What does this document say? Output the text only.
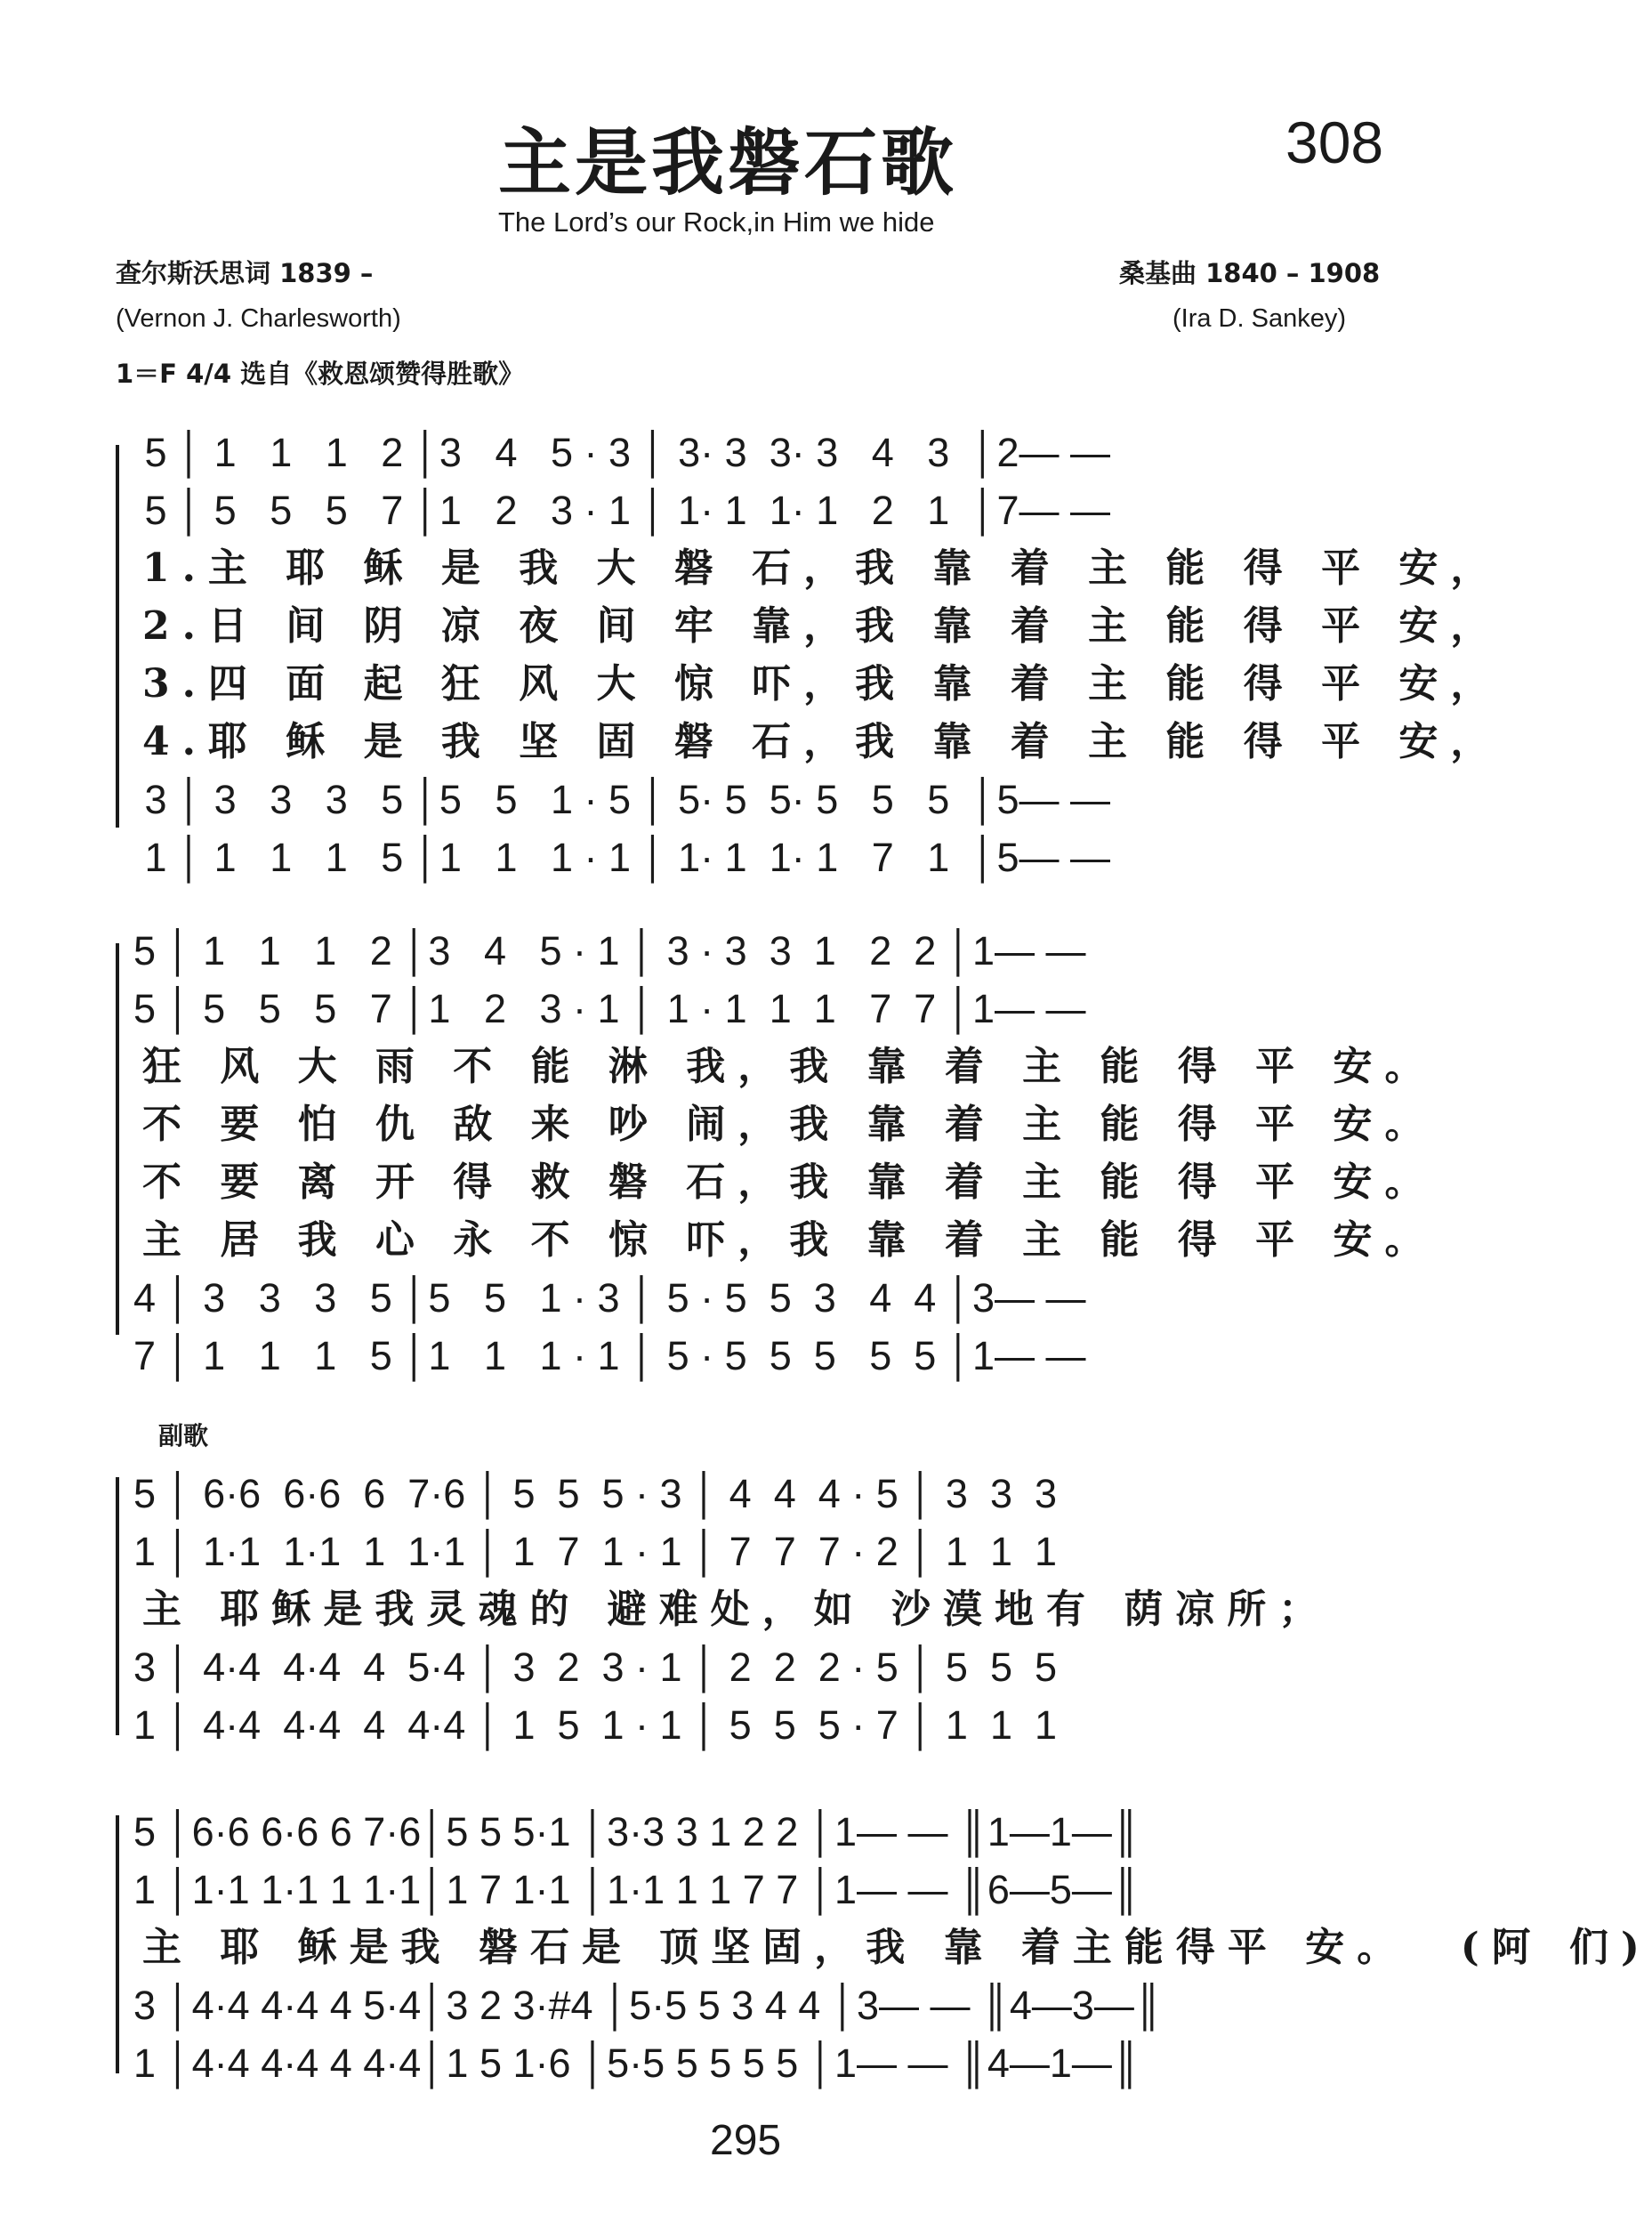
主是我磐石歌	308
The Lord’s our Rock,in Him we hide
查尔斯沃思词 1839 –
(Vernon J. Charlesworth)
桑基曲 1840 – 1908
(Ira D. Sankey)
1＝F 4/4 选自《救恩颂赞得胜歌》
5 │ 1   1   1   2 │3   4   5 · 3 │ 3· 3  3· 3   4   3  │2— —
5 │ 5   5   5   7 │1   2   3 · 1 │ 1· 1  1· 1   2   1  │7— —
1.主 耶 稣 是 我 大 磐 石，我 靠 着 主 能 得 平 安，
2.日 间 阴 凉 夜 间 牢 靠，我 靠 着 主 能 得 平 安，
3.四 面 起 狂 风 大 惊 吓，我 靠 着 主 能 得 平 安，
4.耶 稣 是 我 坚 固 磐 石，我 靠 着 主 能 得 平 安，
3 │ 3   3   3   5 │5   5   1 · 5 │ 5· 5  5· 5   5   5  │5— —
1 │ 1   1   1   5 │1   1   1 · 1 │ 1· 1  1· 1   7   1  │5— —
5 │ 1   1   1   2 │3   4   5 · 1 │ 3 · 3  3  1   2  2 │1— —
5 │ 5   5   5   7 │1   2   3 · 1 │ 1 · 1  1  1   7  7 │1— —
狂 风 大 雨 不 能 淋 我，我 靠 着 主 能 得 平 安。
不 要 怕 仇 敌 来 吵 闹，我 靠 着 主 能 得 平 安。
不 要 离 开 得 救 磐 石，我 靠 着 主 能 得 平 安。
主 居 我 心 永 不 惊 吓，我 靠 着 主 能 得 平 安。
4 │ 3   3   3   5 │5   5   1 · 3 │ 5 · 5  5  3   4  4 │3— —
7 │ 1   1   1   5 │1   1   1 · 1 │ 5 · 5  5  5   5  5 │1— —
副歌
5 │ 6·6  6·6  6  7·6 │ 5  5  5 · 3 │ 4  4  4 · 5 │ 3  3  3
1 │ 1·1  1·1  1  1·1 │ 1  7  1 · 1 │ 7  7  7 · 2 │ 1  1  1
主 耶稣是我灵魂的 避难处，如 沙漠地有 荫凉所；
3 │ 4·4  4·4  4  5·4 │ 3  2  3 · 1 │ 2  2  2 · 5 │ 5  5  5
1 │ 4·4  4·4  4  4·4 │ 1  5  1 · 1 │ 5  5  5 · 7 │ 1  1  1
5 │6·6 6·6 6 7·6│5 5 5·1 │3·3 3 1 2 2 │1— — ║1—1—║
1 │1·1 1·1 1 1·1│1 7 1·1 │1·1 1 1 7 7 │1— — ║6—5—║
主 耶 稣是我 磐石是 顶坚固，我 靠 着主能得平 安。  (阿 们)
3 │4·4 4·4 4 5·4│3 2 3·#4 │5·5 5 3 4 4 │3— — ║4—3—║
1 │4·4 4·4 4 4·4│1 5 1·6 │5·5 5 5 5 5 │1— — ║4—1—║
295
